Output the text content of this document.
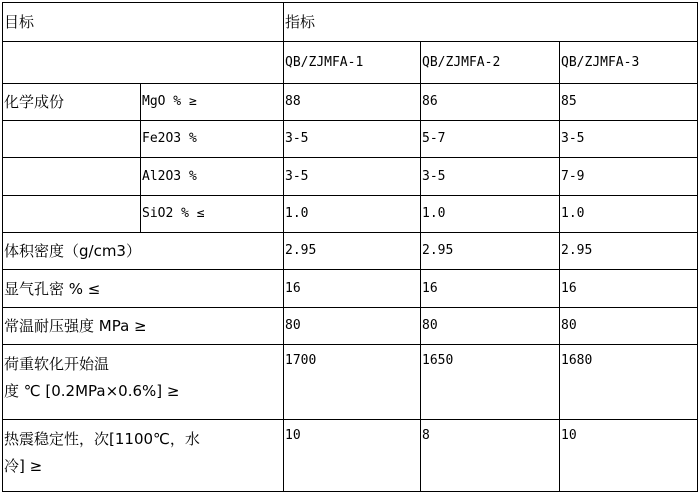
目标		指标		
		QB/ZJMFA-1	QB/ZJMFA-2	QB/ZJMFA-3
化学成份	MgO % ≥	88	86	85
	Fe2O3 %	3-5	5-7	3-5
	Al2O3 %	3-5	3-5	7-9
	SiO2 % ≤	1.0	1.0	1.0
体积密度（g/cm3）		2.95	2.95	2.95
显气孔密 % ≤		16	16	16
常温耐压强度 MPa ≥		80	80	80

荷重软化开始温
度 ℃ [0.2MPa×0.6%] ≥		1700	1650	1680

热震稳定性，次[1100℃，水
冷] ≥		10	8	10
